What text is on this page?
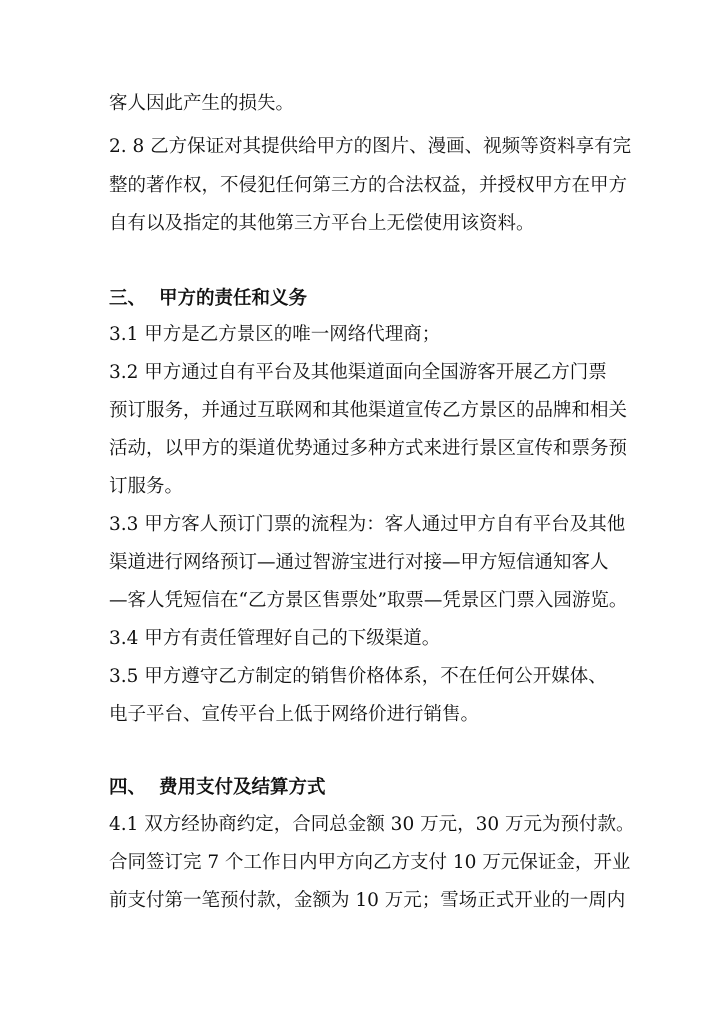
客人因此产生的损失。
2. 8 乙方保证对其提供给甲方的图片、漫画、视频等资料享有完
整的著作权，不侵犯任何第三方的合法权益，并授权甲方在甲方
自有以及指定的其他第三方平台上无偿使用该资料。
三、 甲方的责任和义务
3.1 甲方是乙方景区的唯一网络代理商；
3.2 甲方通过自有平台及其他渠道面向全国游客开展乙方门票
预订服务，并通过互联网和其他渠道宣传乙方景区的品牌和相关
活动，以甲方的渠道优势通过多种方式来进行景区宣传和票务预
订服务。
3.3 甲方客人预订门票的流程为：客人通过甲方自有平台及其他
渠道进行网络预订—通过智游宝进行对接—甲方短信通知客人
—客人凭短信在“乙方景区售票处”取票—凭景区门票入园游览。
3.4 甲方有责任管理好自己的下级渠道。
3.5 甲方遵守乙方制定的销售价格体系，不在任何公开媒体、
电子平台、宣传平台上低于网络价进行销售。
四、 费用支付及结算方式
4.1 双方经协商约定，合同总金额 30 万元，30 万元为预付款。
合同签订完 7 个工作日内甲方向乙方支付 10 万元保证金，开业
前支付第一笔预付款，金额为 10 万元；雪场正式开业的一周内
